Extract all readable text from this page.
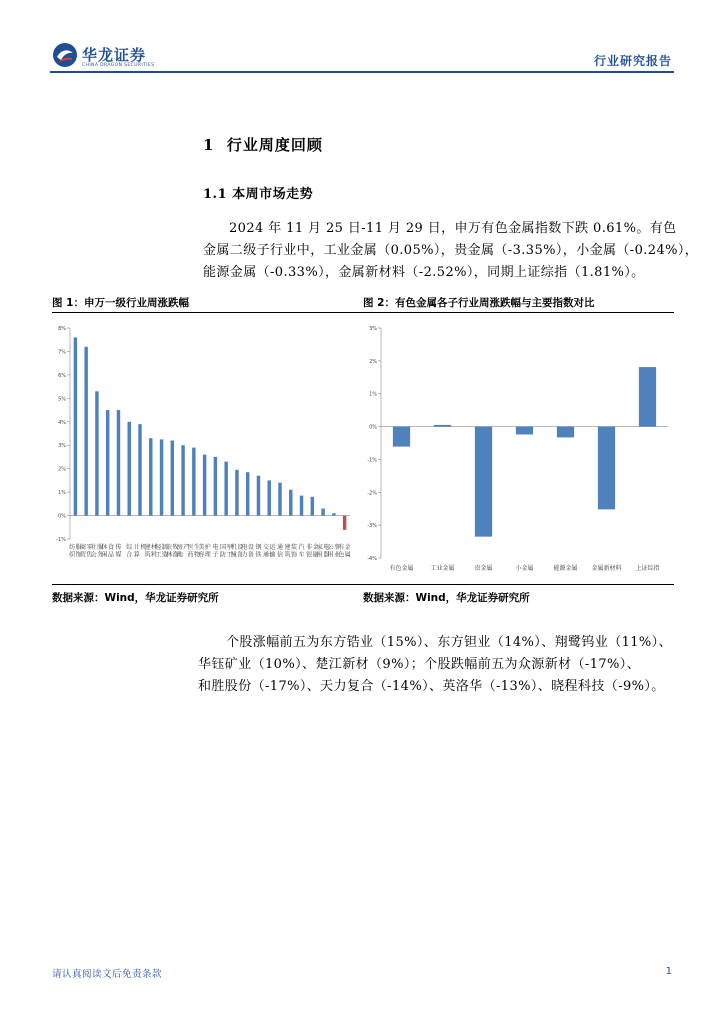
华龙证券
CHINA DRAGON SECURITIES	行业研究报告
1 行业周度回顾
1.1 本周市场走势
2024 年 11 月 25 日-11 月 29 日，申万有色金属指数下跌 0.61%。有色
金属二级子行业中，工业金属（0.05%），贵金属（-3.35%），小金属（-0.24%），
能源金属（-0.33%），金属新材料（-2.52%），同期上证综指（1.81%）。
图 1：申万一级行业周涨跌幅	图 2：有色金属各子行业周涨跌幅与主要指数对比
-1%
0%
1%
2%
3%
4%
5%
6%
7%
8%
纺织服饰
商贸零售
社会服务
休闲食品
传媒
综合
计算机
建筑材料
轻工制造
农林牧渔
房地产
医药生物
美容护理
电子
国防军工
机械设备
电力设备
钢铁
交通运输
通信
建筑装饰
汽车
非银金融
家用电器
公用事业
有色金属
-4%
-3%
-2%
-1%
0%
1%
2%
3%
有色金属	工业金属	贵金属	小金属	能源金属 金属新材料 上证综指
数据来源：Wind，华龙证券研究所	数据来源：Wind，华龙证券研究所
个股涨幅前五为东方锆业（15%）、东方钽业（14%）、翔鹭钨业（11%）、
华钰矿业（10%）、楚江新材（9%）；个股跌幅前五为众源新材（-17%）、
和胜股份（-17%）、天力复合（-14%）、英洛华（-13%）、晓程科技（-9%）。
请认真阅读文后免责条款	1
